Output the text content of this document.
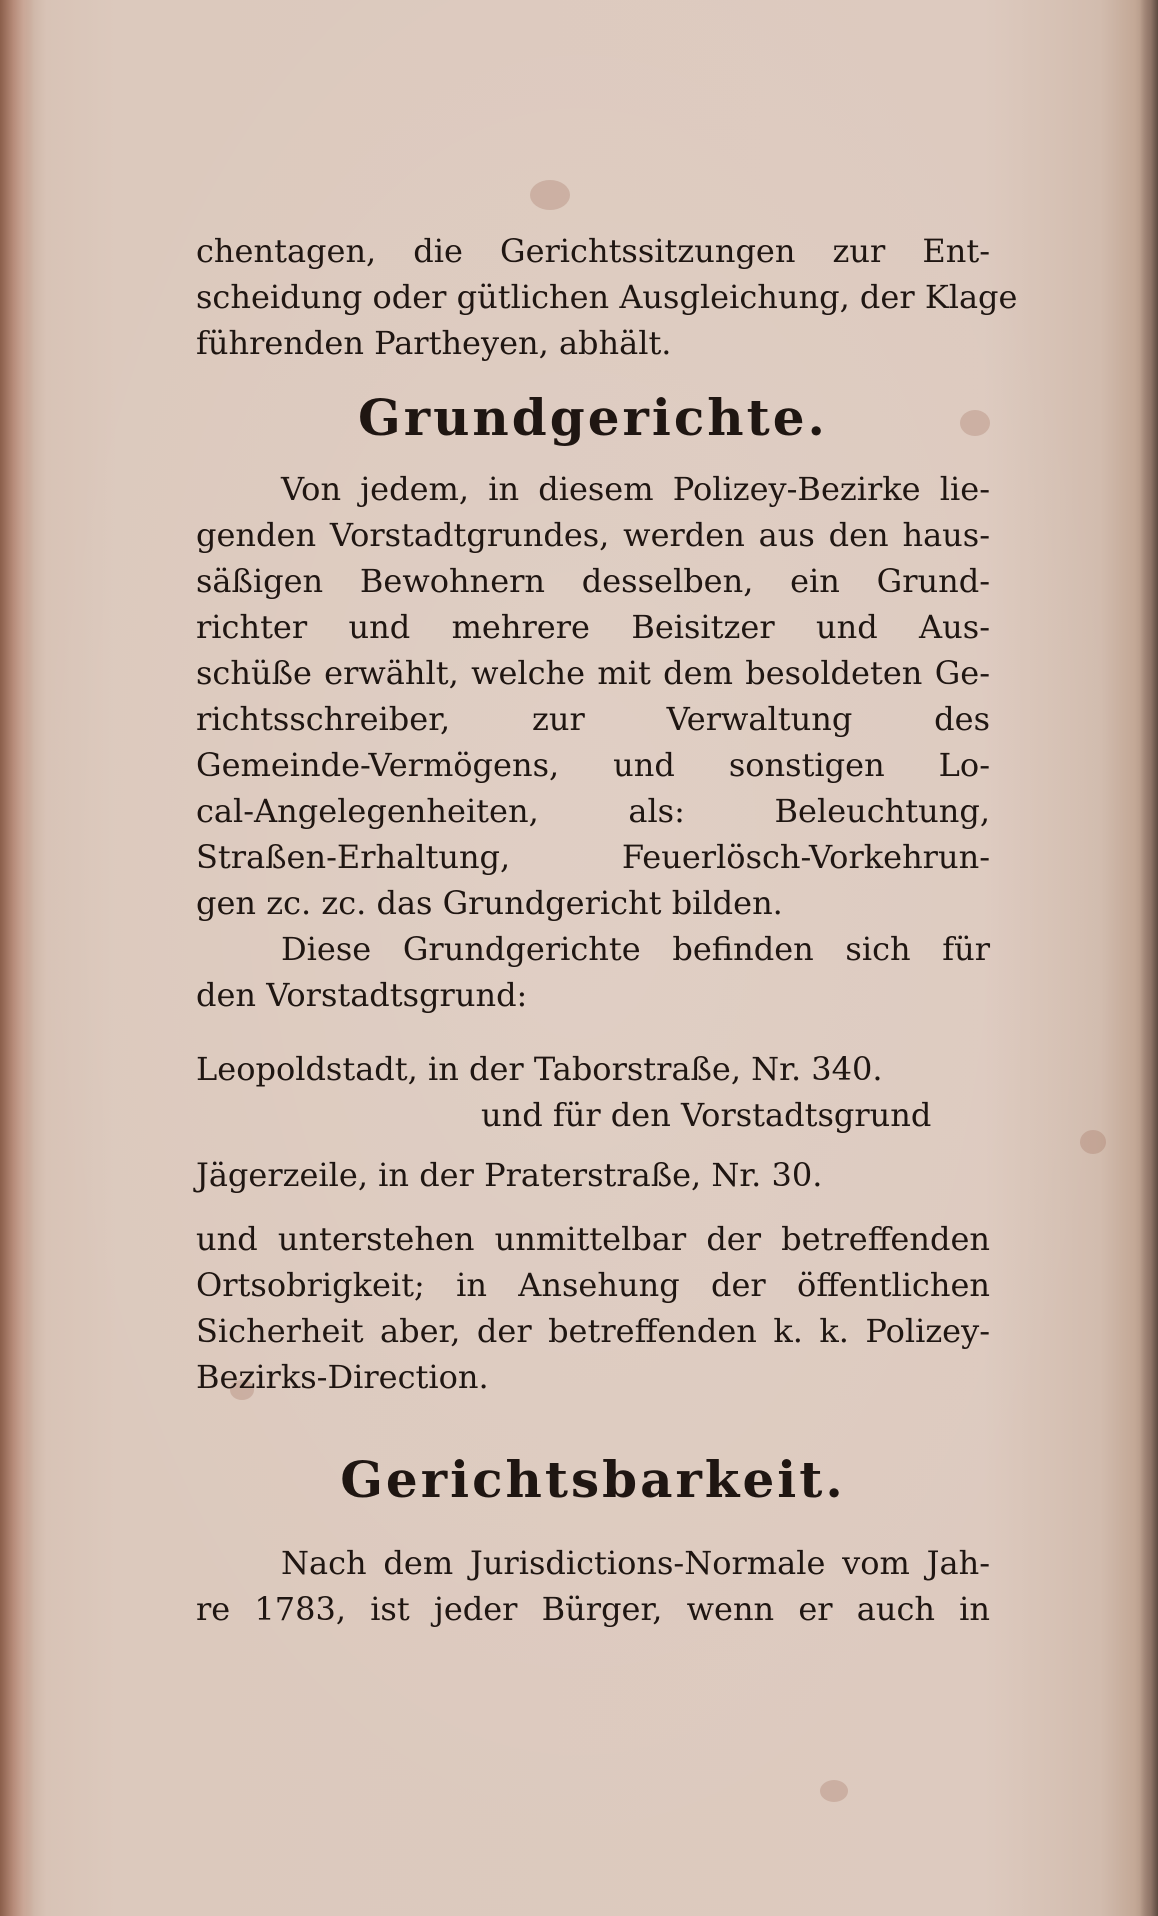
chentagen, die Gerichtssitzungen zur Ent-
scheidung oder gütlichen Ausgleichung, der Klage
führenden Partheyen, abhält.
Grundgerichte.
Von jedem, in diesem Polizey-Bezirke lie-
genden Vorstadtgrundes, werden aus den haus-
säßigen Bewohnern desselben, ein Grund-
richter und mehrere Beisitzer und Aus-
schüße erwählt, welche mit dem besoldeten Ge-
richtsschreiber, zur Verwaltung des
Gemeinde-Vermögens, und sonstigen Lo-
cal-Angelegenheiten, als: Beleuchtung,
Straßen-Erhaltung, Feuerlösch-Vorkehrun-
gen zc. zc. das Grundgericht bilden.
Diese Grundgerichte befinden sich für
den Vorstadtsgrund:
Leopoldstadt, in der Taborstraße, Nr. 340.
und für den Vorstadtsgrund
Jägerzeile, in der Praterstraße, Nr. 30.
und unterstehen unmittelbar der betreffenden
Ortsobrigkeit; in Ansehung der öffentlichen
Sicherheit aber, der betreffenden k. k. Polizey-
Bezirks-Direction.
Gerichtsbarkeit.
Nach dem Jurisdictions-Normale vom Jah-
re 1783, ist jeder Bürger, wenn er auch in
